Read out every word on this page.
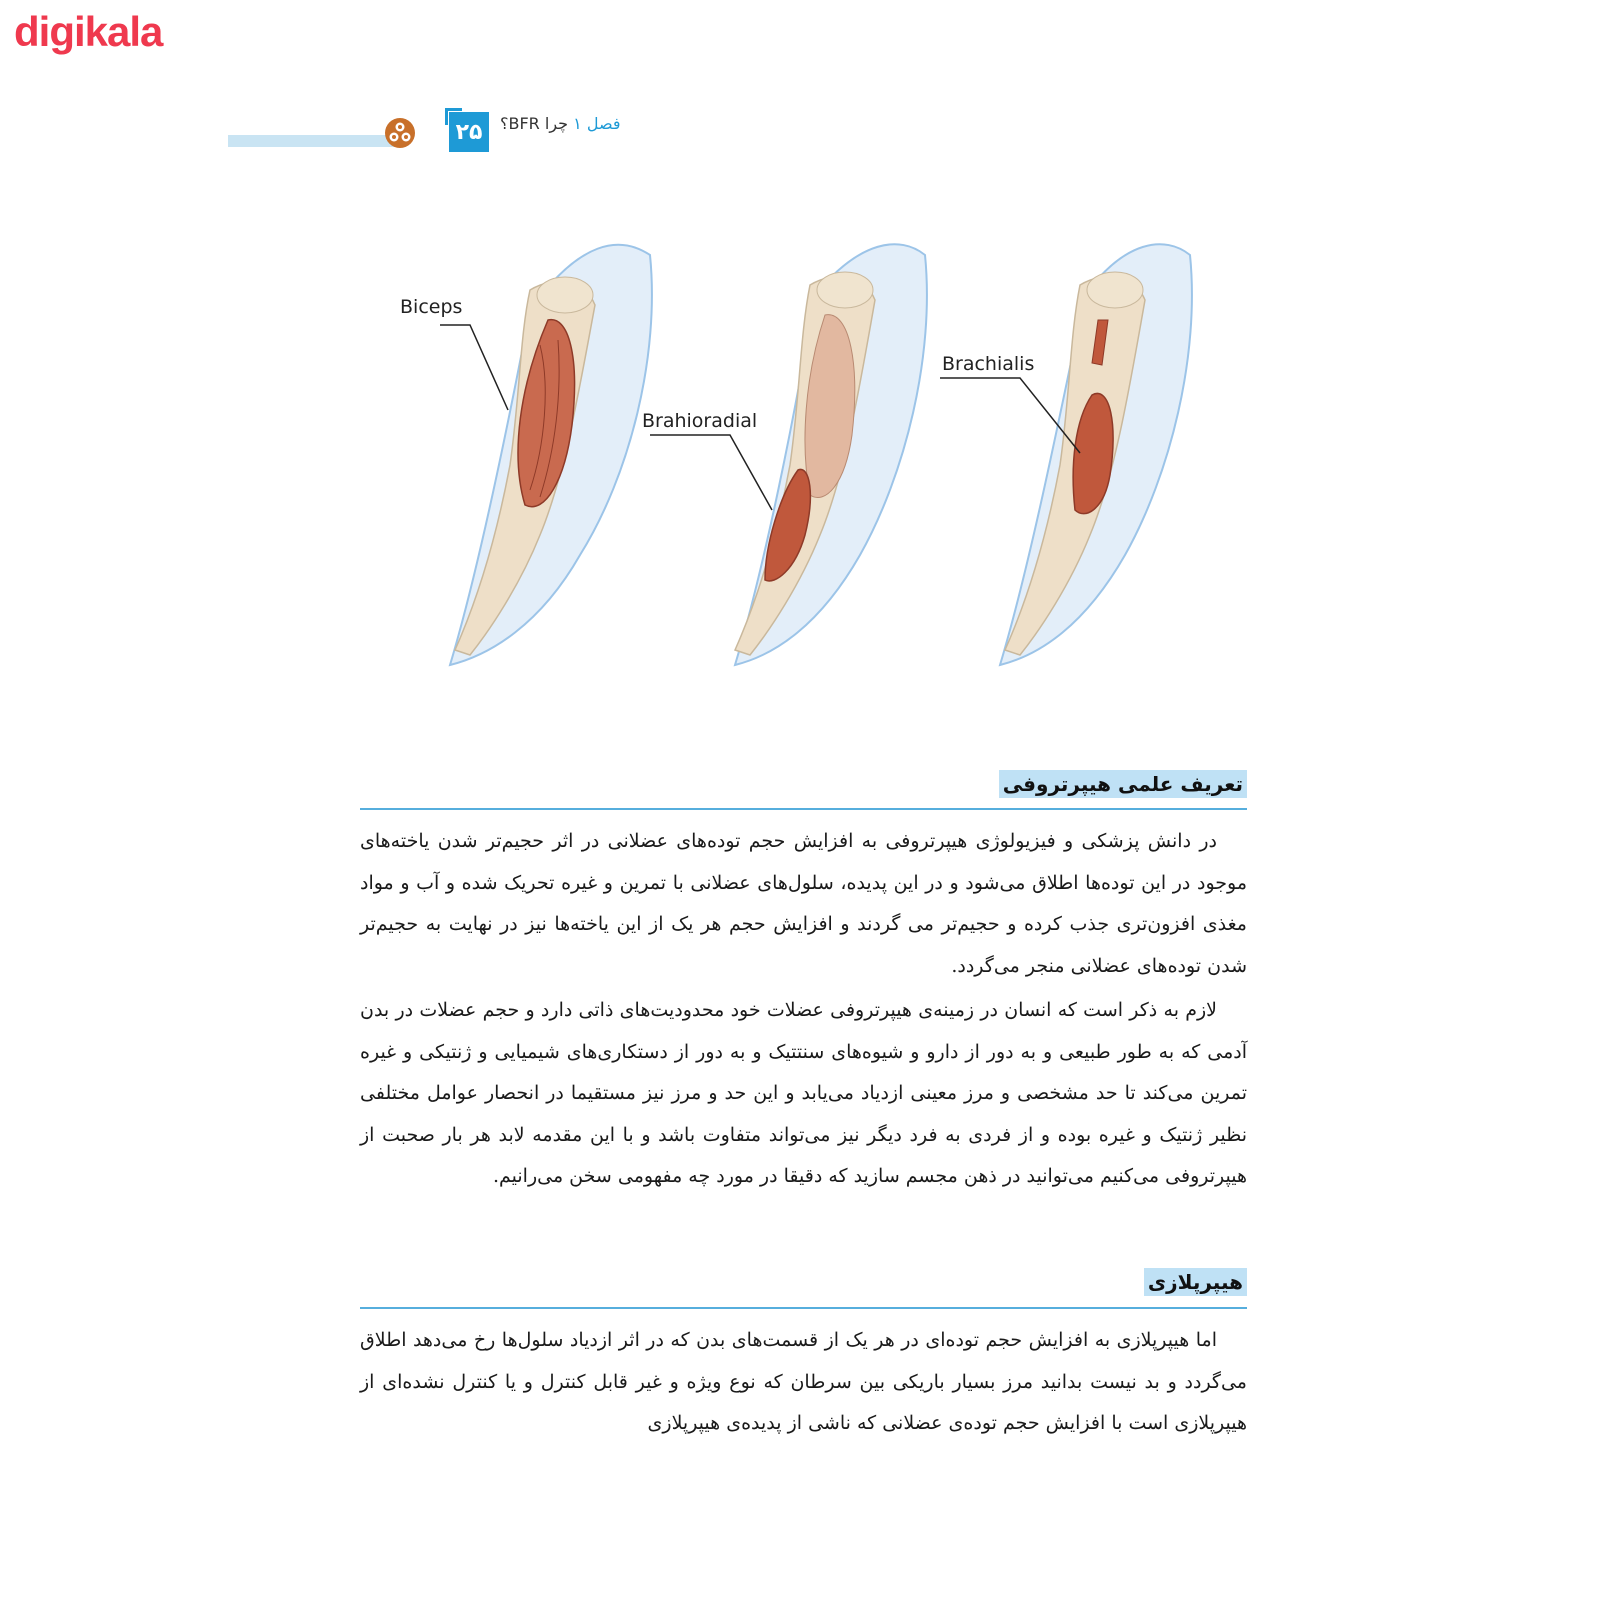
digikala
۲۵	فصل ۱ چرا BFR؟
Biceps
Brahioradial
Brachialis
تعریف علمی هیپرتروفی
در دانش پزشکی و فیزیولوژی هیپرتروفی به افزایش حجم توده‌های عضلانی در اثر حجیم‌تر شدن یاخته‌های موجود در این توده‌ها اطلاق می‌شود و در این پدیده، سلول‌های عضلانی با تمرین و غیره تحریک شده و آب و مواد مغذی افزون‌تری جذب کرده و حجیم‌تر می گردند و افزایش حجم هر یک از این یاخته‌ها نیز در نهایت به حجیم‌تر شدن توده‌های عضلانی منجر می‌گردد.
لازم به ذکر است که انسان در زمینه‌ی هیپرتروفی عضلات خود محدودیت‌های ذاتی دارد و حجم عضلات در بدن آدمی که به طور طبیعی و به دور از دارو و شیوه‌های سنتتیک و به دور از دستکاری‌های شیمیایی و ژنتیکی و غیره تمرین می‌کند تا حد مشخصی و مرز معینی ازدیاد می‌یابد و این حد و مرز نیز مستقیما در انحصار عوامل مختلفی نظیر ژنتیک و غیره بوده و از فردی به فرد دیگر نیز می‌تواند متفاوت باشد و با این مقدمه لابد هر بار صحبت از هیپرتروفی می‌کنیم می‌توانید در ذهن مجسم سازید که دقیقا در مورد چه مفهومی سخن می‌رانیم.
هیپرپلازی
اما هیپرپلازی به افزایش حجم توده‌ای در هر یک از قسمت‌های بدن که در اثر ازدیاد سلول‌ها رخ می‌دهد اطلاق می‌گردد و بد نیست بدانید مرز بسیار باریکی بین سرطان که نوع ویژه و غیر قابل کنترل و یا کنترل نشده‌ای از هیپرپلازی است با افزایش حجم توده‌ی عضلانی که ناشی از پدیده‌ی هیپرپلازی
